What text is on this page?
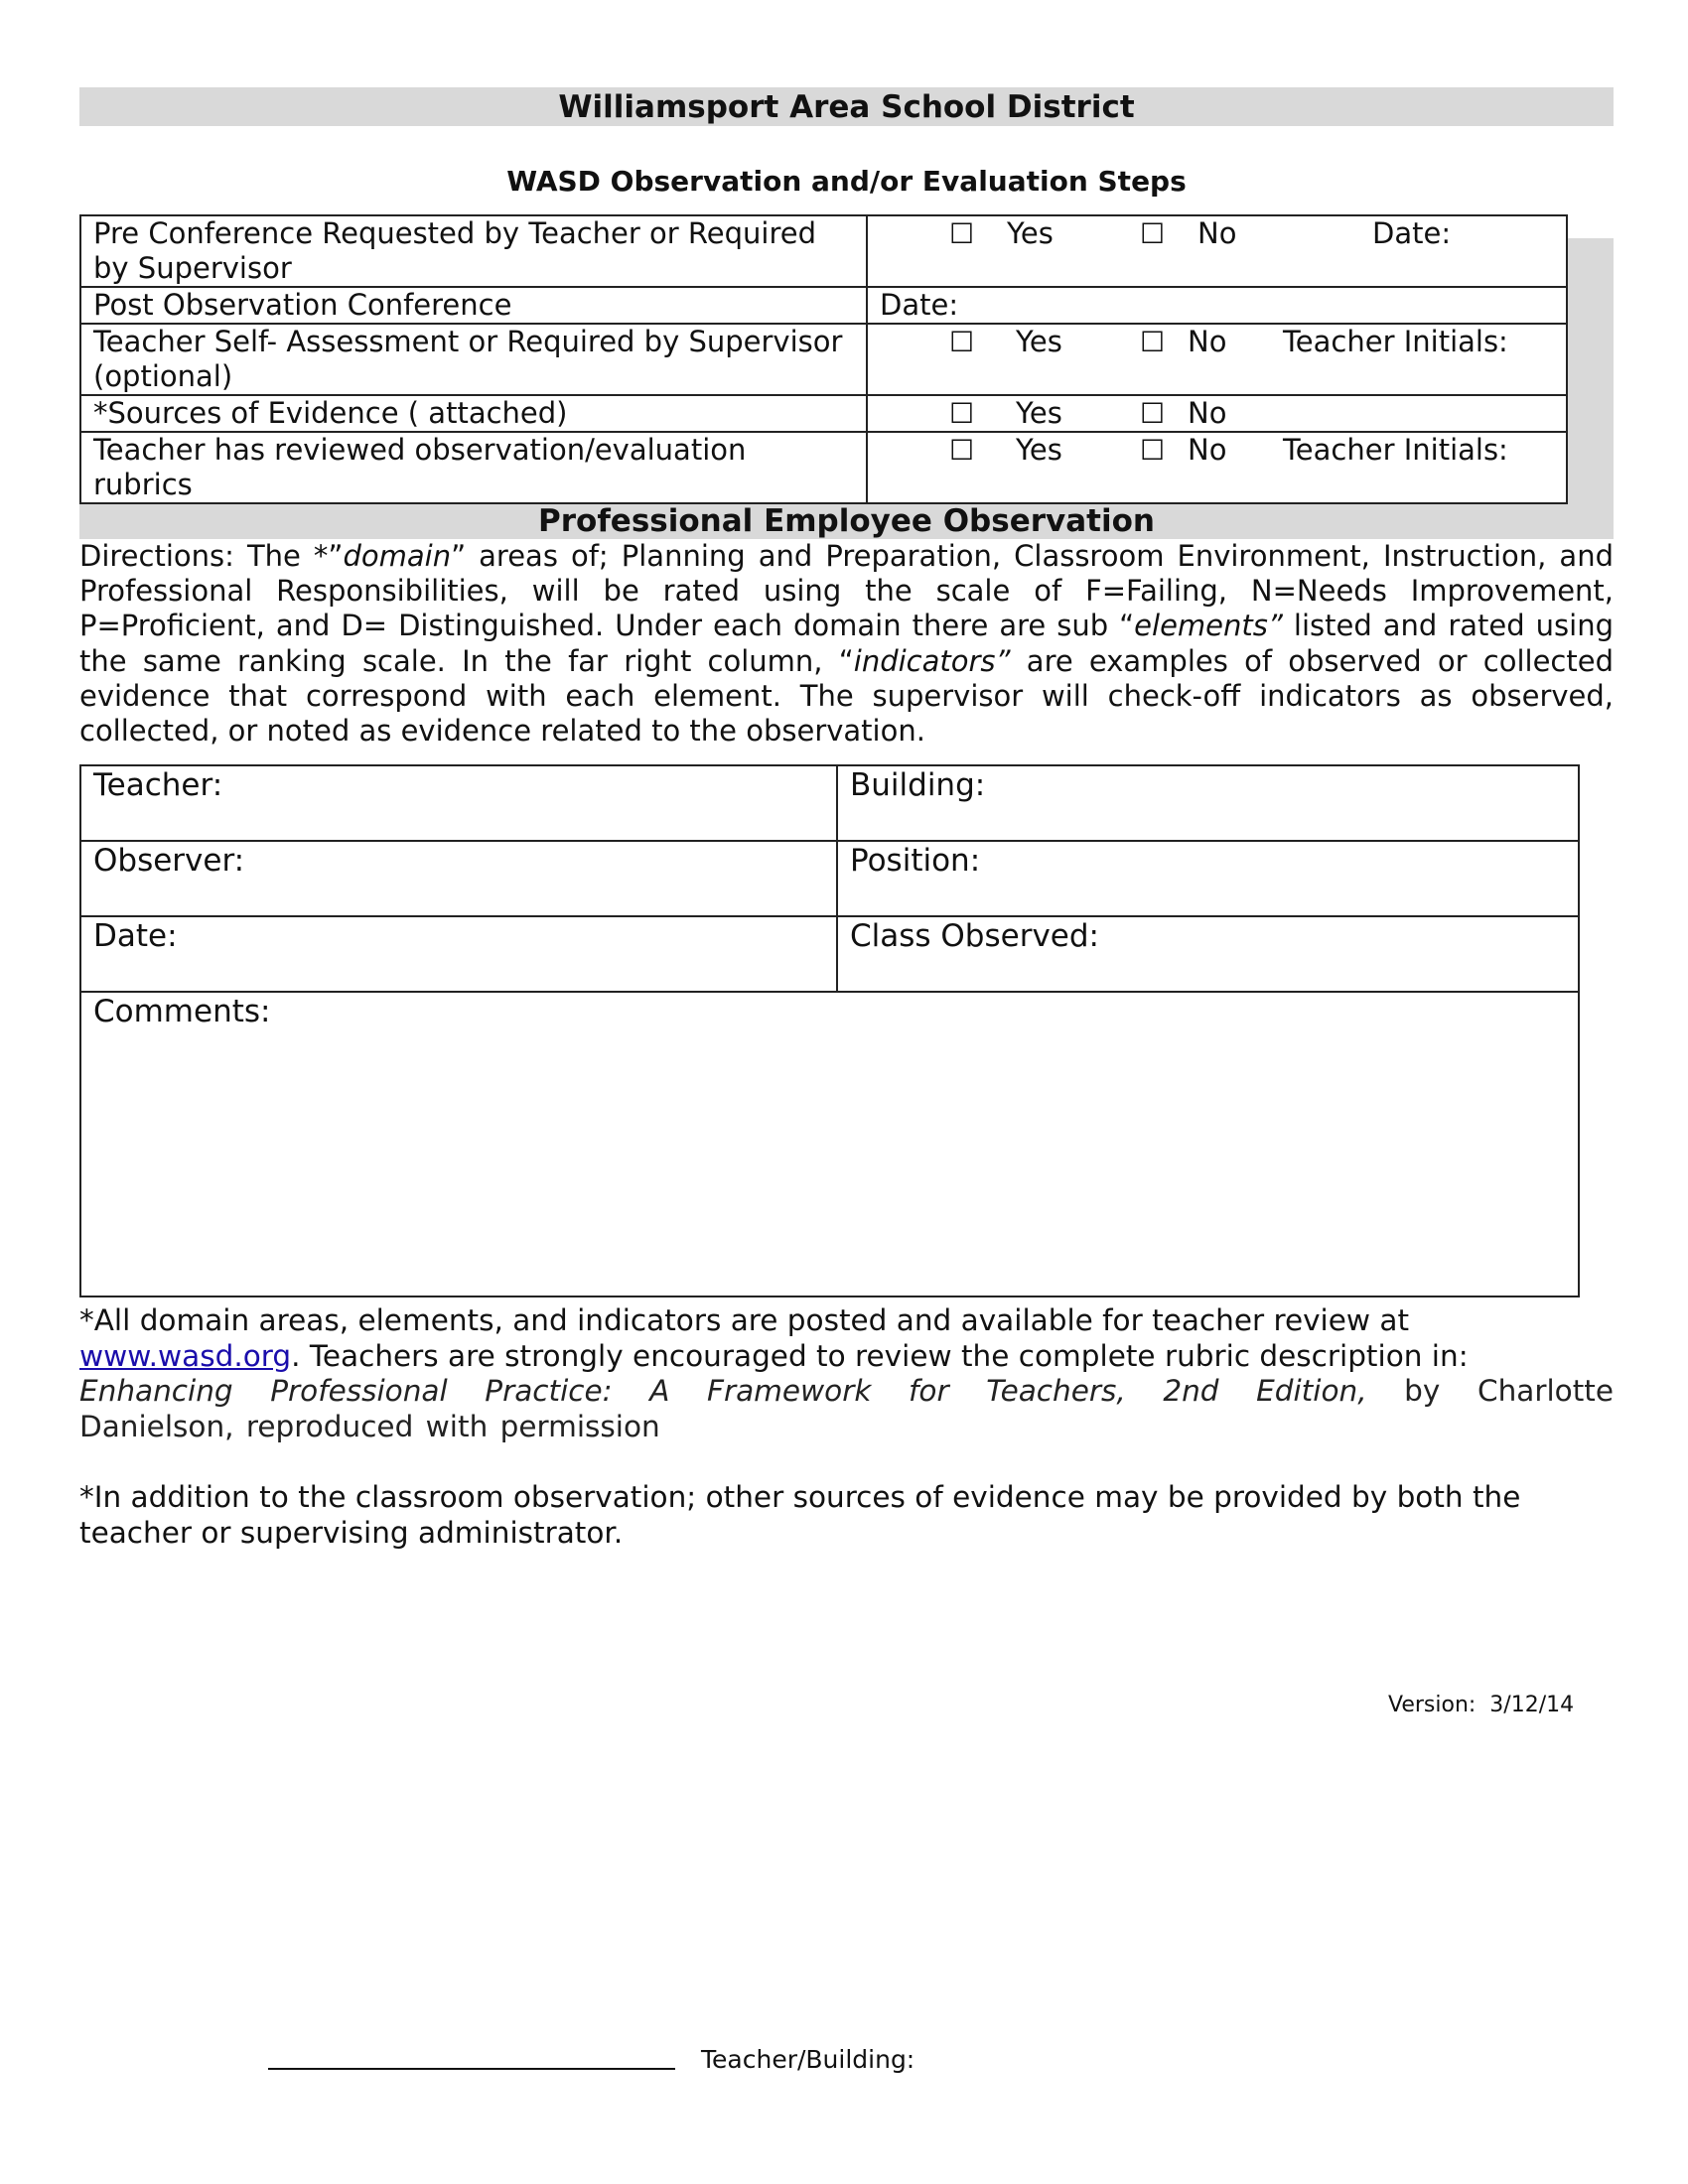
Williamsport Area School District
WASD Observation and/or Evaluation Steps
Pre Conference Requested by Teacher or Required by Supervisor	☐ Yes ☐ No Date:

Post Observation Conference	Date:
Teacher Self- Assessment or Required by Supervisor (optional)	☐ Yes ☐ No Teacher Initials:

*Sources of Evidence ( attached)	☐ Yes ☐ No

Teacher has reviewed observation/evaluation rubrics	☐ Yes ☐ No Teacher Initials:
Professional Employee Observation
Directions: The *”domain” areas of; Planning and Preparation, Classroom Environment, Instruction, and Professional Responsibilities, will be rated using the scale of F=Failing, N=Needs Improvement, P=Proficient, and D= Distinguished. Under each domain there are sub “elements” listed and rated using the same ranking scale. In the far right column, “indicators” are examples of observed or collected evidence that correspond with each element. The supervisor will check-off indicators as observed, collected, or noted as evidence related to the observation.
Teacher:	Building:
Observer:	Position:
Date:	Class Observed:
Comments:	
*All domain areas, elements, and indicators are posted and available for teacher review at
www.wasd.org. Teachers are strongly encouraged to review the complete rubric description in:
Enhancing Professional Practice: A Framework for Teachers, 2nd Edition, by Charlotte
Danielson, reproduced with permission
*In addition to the classroom observation; other sources of evidence may be provided by both the teacher or supervising administrator.
Version:  3/12/14
Teacher/Building:
